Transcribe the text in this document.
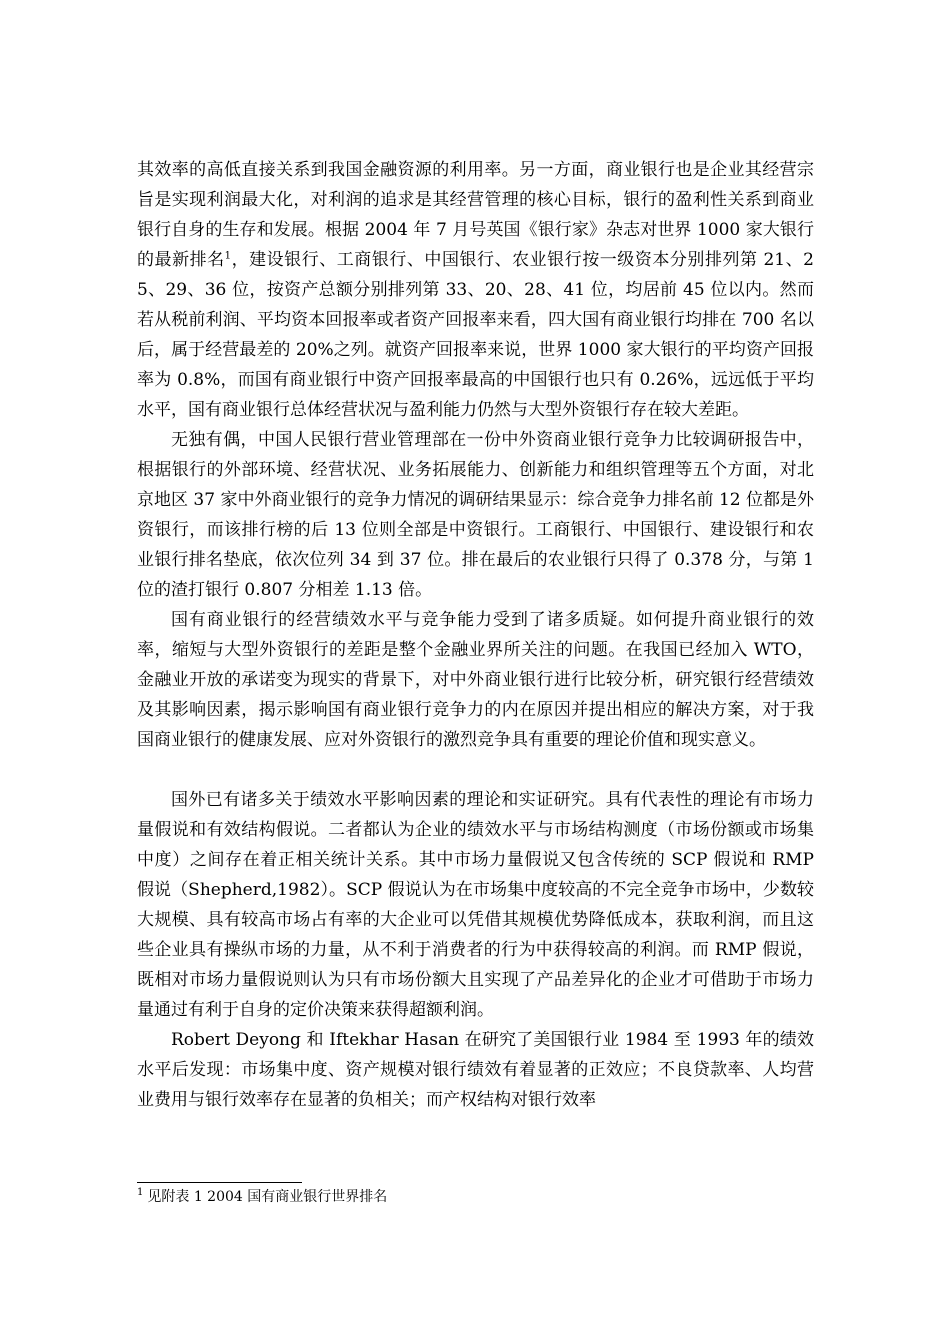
其效率的高低直接关系到我国金融资源的利用率。另一方面，商业银行也是企业其经营宗旨是实现利润最大化，对利润的追求是其经营管理的核心目标，银行的盈利性关系到商业银行自身的生存和发展。根据 2004 年 7 月号英国《银行家》杂志对世界 1000 家大银行的最新排名$^1$，建设银行、工商银行、中国银行、农业银行按一级资本分别排列第 21、25、29、36 位，按资产总额分别排列第 33、20、28、41 位，均居前 45 位以内。然而若从税前利润、平均资本回报率或者资产回报率来看，四大国有商业银行均排在 700 名以后，属于经营最差的 20%之列。就资产回报率来说，世界 1000 家大银行的平均资产回报率为 0.8%，而国有商业银行中资产回报率最高的中国银行也只有 0.26%，远远低于平均水平，国有商业银行总体经营状况与盈利能力仍然与大型外资银行存在较大差距。

无独有偶，中国人民银行营业管理部在一份中外资商业银行竞争力比较调研报告中，根据银行的外部环境、经营状况、业务拓展能力、创新能力和组织管理等五个方面，对北京地区 37 家中外商业银行的竞争力情况的调研结果显示：综合竞争力排名前 12 位都是外资银行，而该排行榜的后 13 位则全部是中资银行。工商银行、中国银行、建设银行和农业银行排名垫底，依次位列 34 到 37 位。排在最后的农业银行只得了 0.378 分，与第 1 位的渣打银行 0.807 分相差 1.13 倍。

国有商业银行的经营绩效水平与竞争能力受到了诸多质疑。如何提升商业银行的效率，缩短与大型外资银行的差距是整个金融业界所关注的问题。在我国已经加入 WTO，金融业开放的承诺变为现实的背景下，对中外商业银行进行比较分析，研究银行经营绩效及其影响因素，揭示影响国有商业银行竞争力的内在原因并提出相应的解决方案，对于我国商业银行的健康发展、应对外资银行的激烈竞争具有重要的理论价值和现实意义。

国外已有诸多关于绩效水平影响因素的理论和实证研究。具有代表性的理论有市场力量假说和有效结构假说。二者都认为企业的绩效水平与市场结构测度（市场份额或市场集中度）之间存在着正相关统计关系。其中市场力量假说又包含传统的 SCP 假说和 RMP 假说（Shepherd,1982）。SCP 假说认为在市场集中度较高的不完全竞争市场中，少数较大规模、具有较高市场占有率的大企业可以凭借其规模优势降低成本，获取利润，而且这些企业具有操纵市场的力量，从不利于消费者的行为中获得较高的利润。而 RMP 假说，既相对市场力量假说则认为只有市场份额大且实现了产品差异化的企业才可借助于市场力量通过有利于自身的定价决策来获得超额利润。

Robert Deyong 和 Iftekhar Hasan 在研究了美国银行业 1984 至 1993 年的绩效水平后发现：市场集中度、资产规模对银行绩效有着显著的正效应；不良贷款率、人均营业费用与银行效率存在显著的负相关；而产权结构对银行效率

$^1$ 见附表 1 2004 国有商业银行世界排名
